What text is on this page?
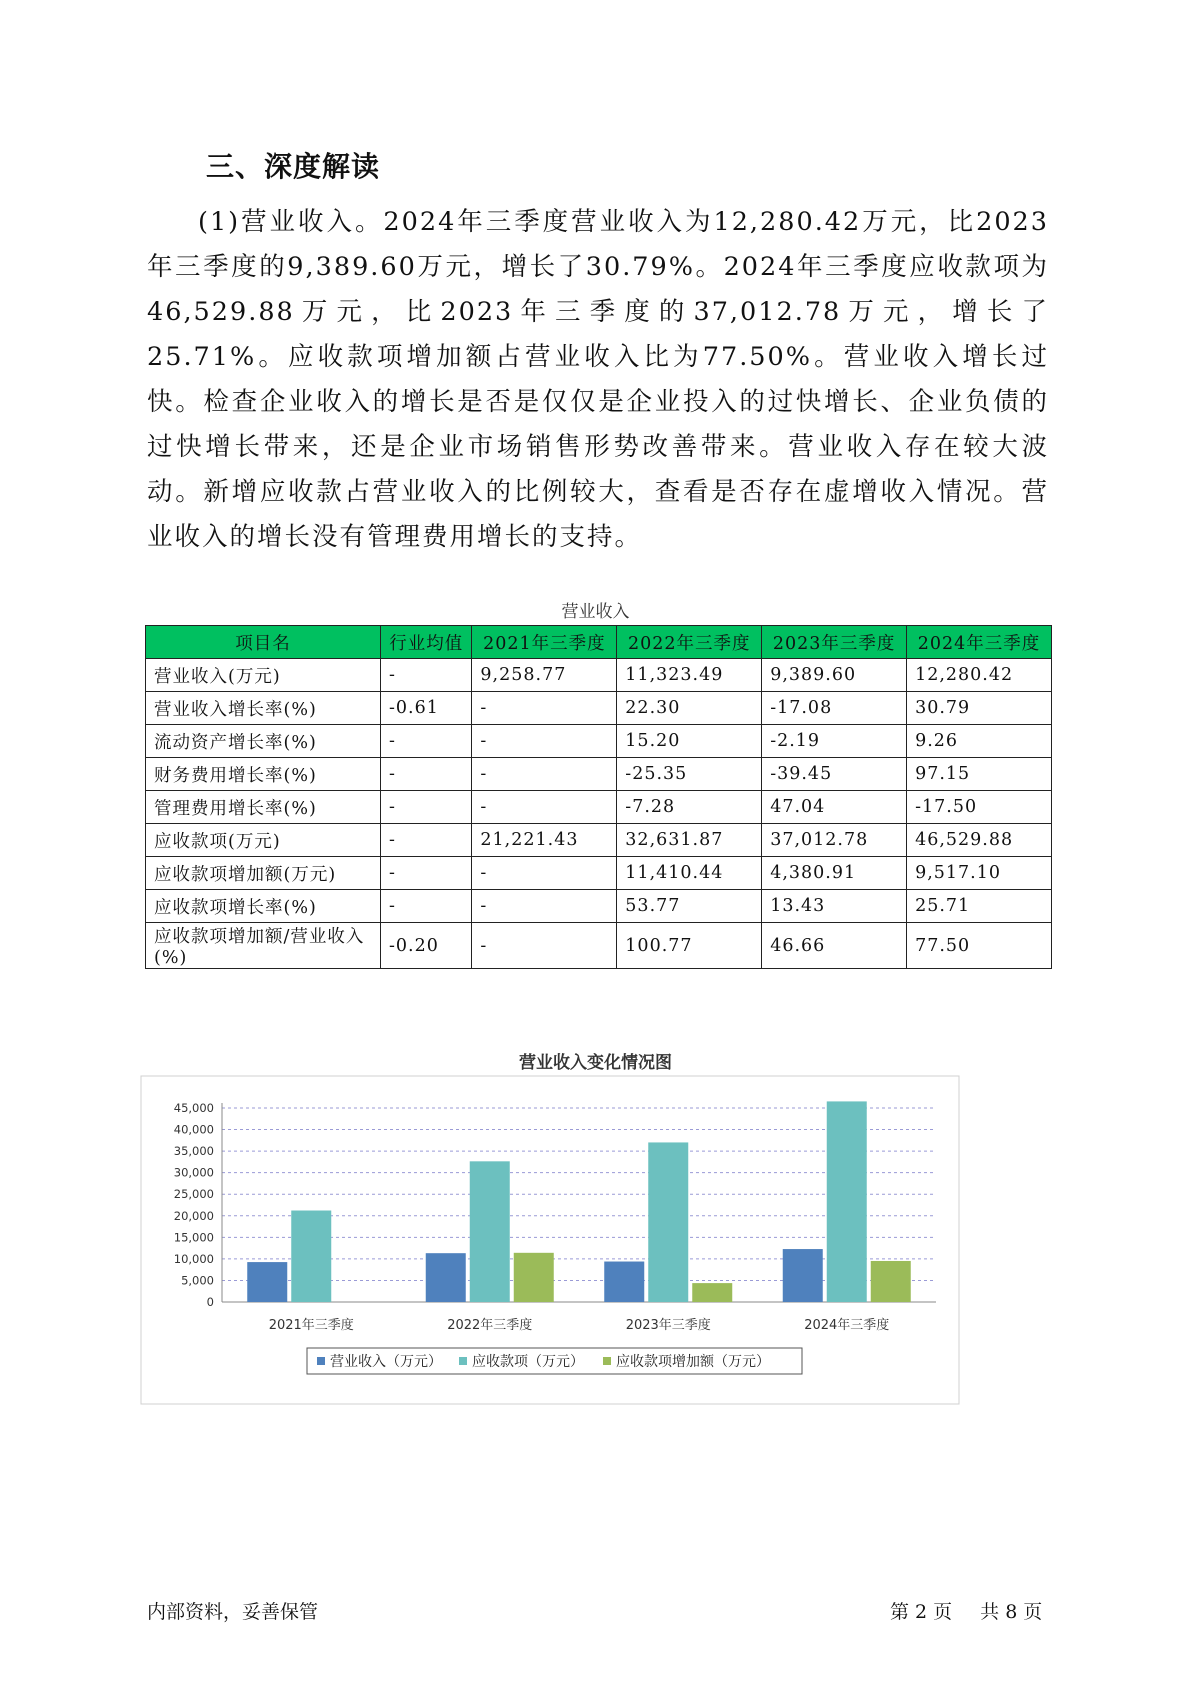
三、深度解读

(1)营业收入。2024年三季度营业收入为12,280.42万元，比2023年三季度的9,389.60万元，增长了30.79%。2024年三季度应收款项为46,529.88万元，比2023年三季度的37,012.78万元，增长了25.71%。应收款项增加额占营业收入比为77.50%。营业收入增长过快。检查企业收入的增长是否是仅仅是企业投入的过快增长、企业负债的过快增长带来，还是企业市场销售形势改善带来。营业收入存在较大波动。新增应收款占营业收入的比例较大，查看是否存在虚增收入情况。营业收入的增长没有管理费用增长的支持。

营业收入
项目名	行业均值	2021年三季度	2022年三季度	2023年三季度	2024年三季度
营业收入(万元)	-	9,258.77	11,323.49	9,389.60	12,280.42
营业收入增长率(%)	-0.61	-	22.30	-17.08	30.79
流动资产增长率(%)	-	-	15.20	-2.19	9.26
财务费用增长率(%)	-	-	-25.35	-39.45	97.15
管理费用增长率(%)	-	-	-7.28	47.04	-17.50
应收款项(万元)	-	21,221.43	32,631.87	37,012.78	46,529.88
应收款项增加额(万元)	-	-	11,410.44	4,380.91	9,517.10
应收款项增长率(%)	-	-	53.77	13.43	25.71
应收款项增加额/营业收入(%)	-0.20	-	100.77	46.66	77.50
营业收入变化情况图
0
5,000
10,000
15,000
20,000
25,000
30,000
35,000
40,000
45,000
2021年三季度	2022年三季度	2023年三季度	2024年三季度
营业收入（万元） 应收款项（万元） 应收款项增加额（万元）
内部资料，妥善保管	第 2 页 共 8 页
